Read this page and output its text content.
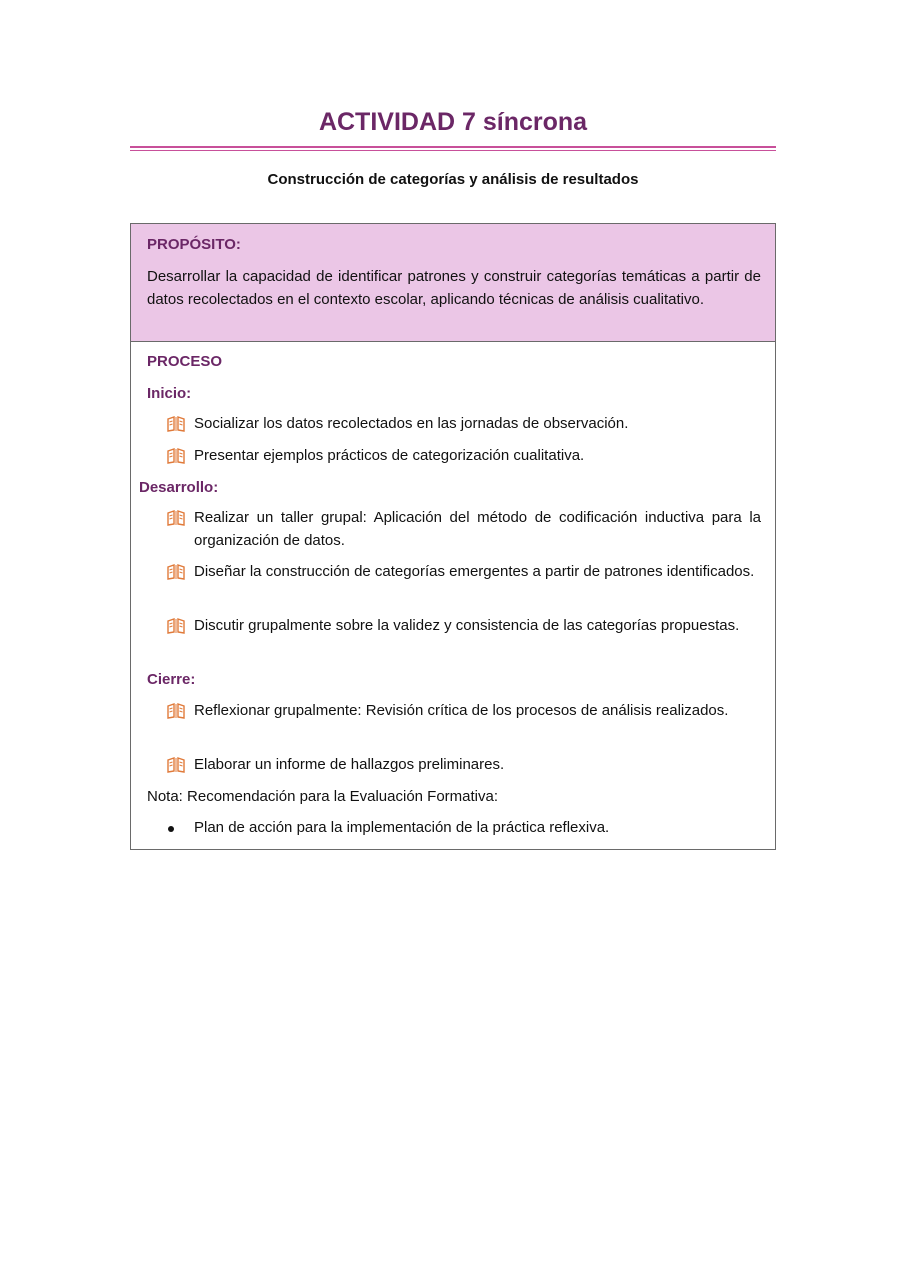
ACTIVIDAD 7 síncrona
Construcción de categorías y análisis de resultados
PROPÓSITO:
Desarrollar la capacidad de identificar patrones y construir categorías temáticas a partir de datos recolectados en el contexto escolar, aplicando técnicas de análisis cualitativo.
PROCESO
Inicio:
Socializar los datos recolectados en las jornadas de observación.
Presentar ejemplos prácticos de categorización cualitativa.
Desarrollo:
Realizar un taller grupal: Aplicación del método de codificación inductiva para la organización de datos.
Diseñar la construcción de categorías emergentes a partir de patrones identificados.
Discutir grupalmente sobre la validez y consistencia de las categorías propuestas.
Cierre:
Reflexionar grupalmente: Revisión crítica de los procesos de análisis realizados.
Elaborar un informe de hallazgos preliminares.
Nota: Recomendación para la Evaluación Formativa:
Plan de acción para la implementación de la práctica reflexiva.
